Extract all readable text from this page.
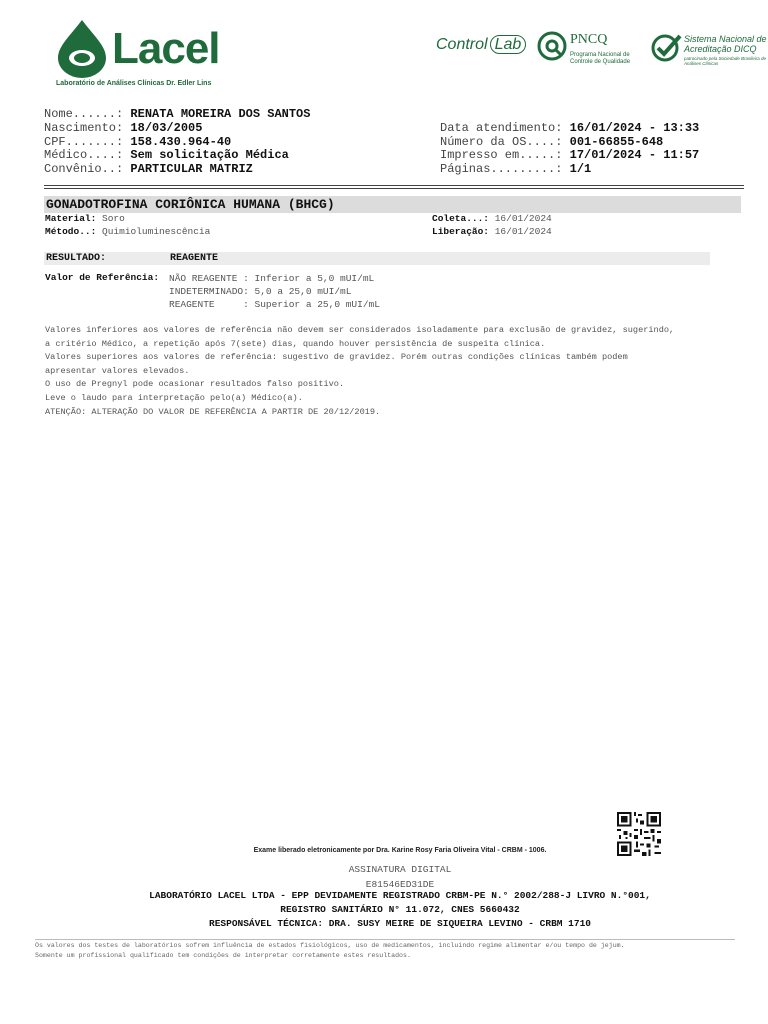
Lacel
Laboratório de Análises Clínicas Dr. Edler Lins
Control Lab	PNCQ
Programa Nacional de Controle de Qualidade
Sistema Nacional de Acreditação DICQ
patrocinado pela Sociedade Brasileira de Análises Clínicas
Nome......: RENATA MOREIRA DOS SANTOS
Nascimento: 18/03/2005
CPF.......: 158.430.964-40
Médico....: Sem solicitação Médica
Convênio..: PARTICULAR MATRIZ
Data atendimento: 16/01/2024 - 13:33
Número da OS....: 001-66855-648
Impresso em.....: 17/01/2024 - 11:57
Páginas.........: 1/1
GONADOTROFINA CORIÔNICA HUMANA (BHCG)
Material: Soro
Método..: Quimioluminescência
Coleta...: 16/01/2024
Liberação: 16/01/2024
RESULTADO:	REAGENTE
Valor de Referência: NÃO REAGENTE : Inferior a 5,0 mUI/mL
INDETERMINADO: 5,0 a 25,0 mUI/mL
REAGENTE     : Superior a 25,0 mUI/mL
Valores inferiores aos valores de referência não devem ser considerados isoladamente para exclusão de gravidez, sugerindo,
a critério Médico, a repetição após 7(sete) dias, quando houver persistência de suspeita clínica.
Valores superiores aos valores de referência: sugestivo de gravidez. Porém outras condições clínicas também podem
apresentar valores elevados.
O uso de Pregnyl pode ocasionar resultados falso positivo.
Leve o laudo para interpretação pelo(a) Médico(a).
ATENÇÃO: ALTERAÇÃO DO VALOR DE REFERÊNCIA A PARTIR DE 20/12/2019.
Exame liberado eletronicamente por Dra. Karine Rosy Faria Oliveira Vital - CRBM - 1006.
ASSINATURA DIGITAL
E81546ED31DE
LABORATÓRIO LACEL LTDA - EPP DEVIDAMENTE REGISTRADO CRBM-PE N.° 2002/288-J LIVRO N.°001,
REGISTRO SANITÁRIO N° 11.072, CNES 5660432
RESPONSÁVEL TÉCNICA: DRA. SUSY MEIRE DE SIQUEIRA LEVINO - CRBM 1710
Os valores dos testes de laboratórios sofrem influência de estados fisiológicos, uso de medicamentos, incluindo regime alimentar e/ou tempo de jejum.
Somente um profissional qualificado tem condições de interpretar corretamente estes resultados.
